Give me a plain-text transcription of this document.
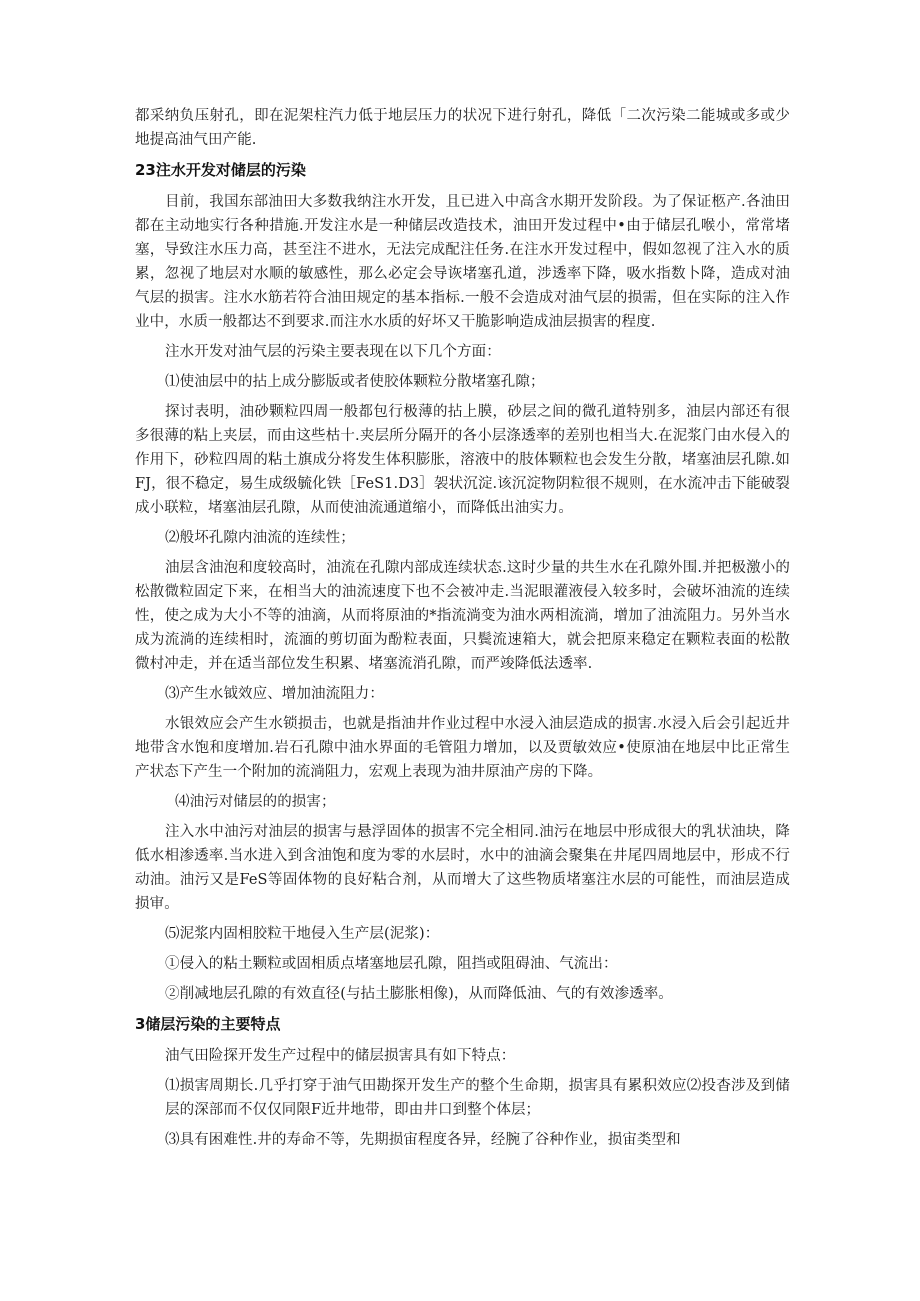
都采纳负压射孔，即在泥架柱汽力低于地层压力的状况下进行射孔，降低「二次污染二能城或多或少地提高油气田产能.

23注水开发对储层的污染

目前，我国东部油田大多数我纳注水开发，且已进入中高含水期开发阶段。为了保证柩产.各油田都在主动地实行各种措施.开发注水是一种储层改造技术，油田开发过程中•由于储层孔喉小，常常堵塞，导致注水压力高，甚至注不进水，无法完成配注任务.在注水开发过程中，假如忽视了注入水的质累，忽视了地层对水顺的敏感性，那么必定会导诙堵塞孔道，涉透率下降，吸水指数卜降，造成对油气层的损害。注水水筋若符合油田规定的基本指标.一般不会造成对油气层的损需，但在实际的注入作业中，水质一般都达不到要求.而注水水质的好坏又干脆影响造成油层损害的程度.

注水开发对油气层的污染主要表现在以下几个方面：

⑴使油层中的拈上成分膨版或者使胶体颗粒分散堵塞孔隙；

探讨表明，油砂颗粒四周一般都包行极薄的拈上膜，砂层之间的微孔道特别多，油层内部还有很多很薄的粘上夹层，而由这些枯十.夹层所分隔开的各小层涤透率的差别也相当大.在泥浆门由水侵入的作用下，砂粒四周的粘土旗成分将发生体积膨胀，溶液中的肢体颗粒也会发生分散，堵塞油层孔隙.如FJ，很不稳定，易生成级毓化铁［FeS1.D3］袈状沉淀.该沉淀物阴粒很不规则，在水流冲击下能破裂成小联粒，堵塞油层孔隙，从而使油流通道缩小，而降低出油实力。

⑵般坏孔隙内油流的连续性；

油层含油泡和度较高时，油流在孔隙内部成连续状态.这时少量的共生水在孔隙外围.并把极激小的松散微粒固定下来，在相当大的油流速度下也不会被冲走.当泥眼灌液侵入较多时，会破坏油流的连续性，使之成为大小不等的油滴，从而将原油的*指流淌变为油水两相流淌，增加了油流阻力。另外当水成为流淌的连续相时，流湎的剪切面为酚粒表面，只鬓流速箱大，就会把原来稳定在颗粒表面的松散微村冲走，并在适当部位发生积累、堵塞流消孔隙，而严竣降低法透率.

⑶产生水钺效应、增加油流阻力：

水银效应会产生水锁损击，也就是指油井作业过程中水浸入油层造成的损害.水浸入后会引起近井地带含水饱和度增加.岩石孔隙中油水界面的毛管阻力增加，以及贾敏效应•使原油在地层中比正常生产状态下产生一个附加的流淌阻力，宏观上表现为油井原油产房的下降。

⑷油污对储层的的损害；

注入水中油污对油层的损害与悬浮固体的损害不完全相同.油污在地层中形成很大的乳状油块，降低水相渗透率.当水进入到含油饱和度为零的水层时，水中的油滴会聚集在井尾四周地层中，形成不行动油。油污又是FeS等固体物的良好粘合剂，从而增大了这些物质堵塞注水层的可能性，而油层造成损审。

⑸泥浆内固相胶粒干地侵入生产层(泥浆)：

①侵入的粘土颗粒或固相质点堵塞地层孔隙，阻挡或阻碍油、气流出：

②削减地层孔隙的有效直径(与拈土膨胀相像)，从而降低油、气的有效渗透率。

3储层污染的主要特点

油气田险探开发生产过程中的储层损害具有如下特点：

⑴损害周期长.几乎打穿于油气田勘探开发生产的整个生命期，损害具有累积效应⑵投杳涉及到储层的深部而不仅仅同限F近井地带，即由井口到整个体层；

⑶具有困难性.井的寿命不等，先期损宙程度各异，经腕了谷种作业，损宙类型和
